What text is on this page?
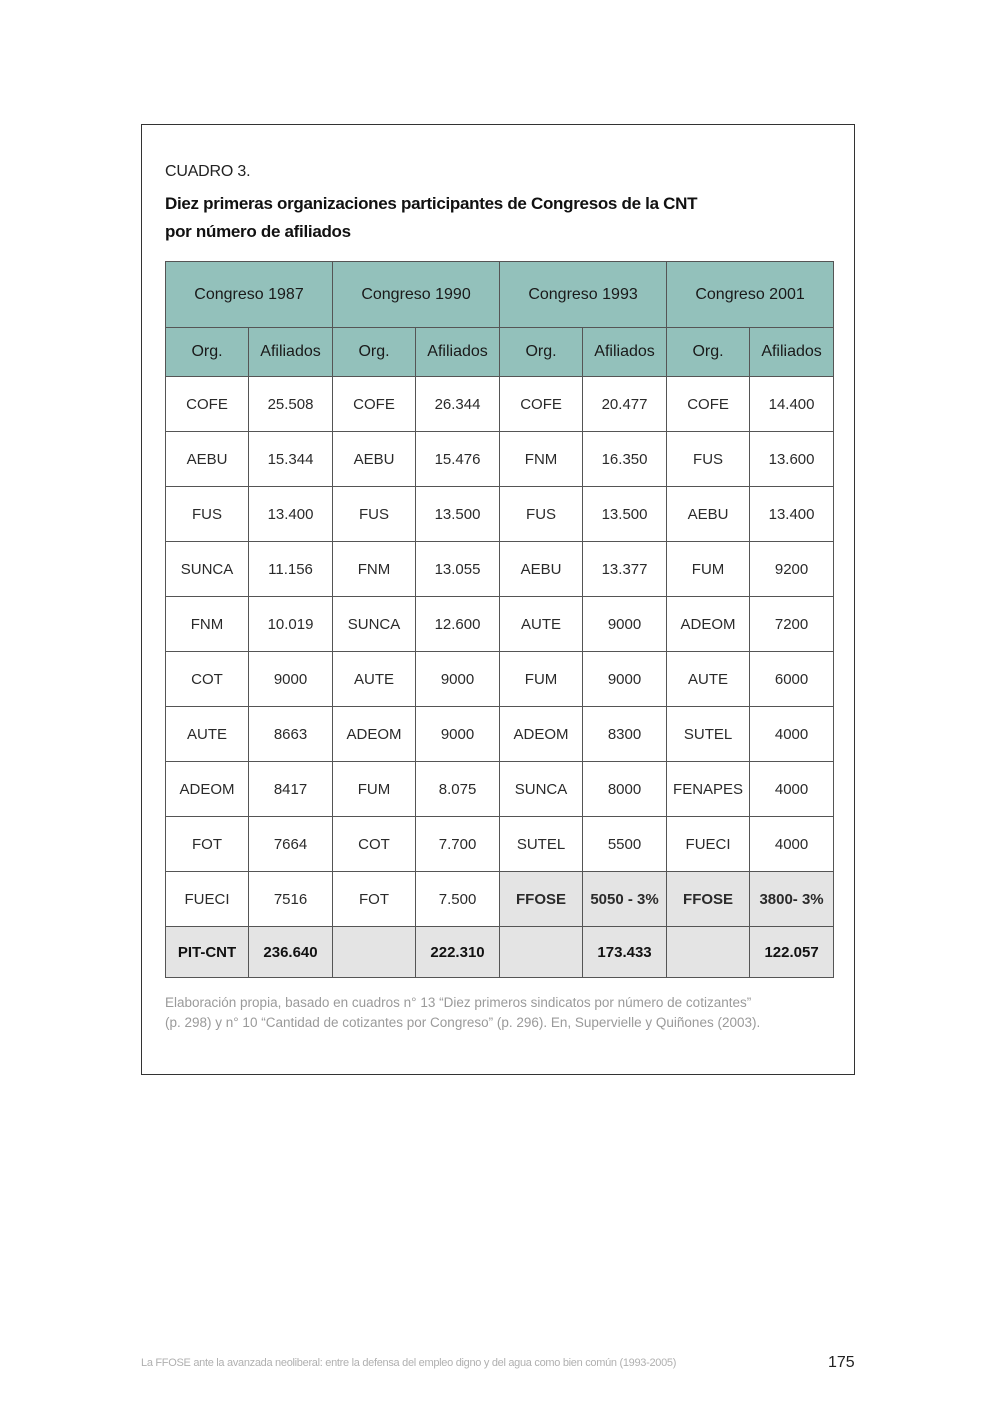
CUADRO 3.
Diez primeras organizaciones participantes de Congresos de la CNT
por número de afiliados
Congreso 1987		Congreso 1990		Congreso 1993		Congreso 2001	
Org.	Afiliados	Org.	Afiliados	Org.	Afiliados	Org.	Afiliados
COFE	25.508	COFE	26.344	COFE	20.477	COFE	14.400
AEBU	15.344	AEBU	15.476	FNM	16.350	FUS	13.600
FUS	13.400	FUS	13.500	FUS	13.500	AEBU	13.400
SUNCA	11.156	FNM	13.055	AEBU	13.377	FUM	9200
FNM	10.019	SUNCA	12.600	AUTE	9000	ADEOM	7200
COT	9000	AUTE	9000	FUM	9000	AUTE	6000
AUTE	8663	ADEOM	9000	ADEOM	8300	SUTEL	4000
ADEOM	8417	FUM	8.075	SUNCA	8000	FENAPES	4000
FOT	7664	COT	7.700	SUTEL	5500	FUECI	4000
FUECI	7516	FOT	7.500	FFOSE	5050 - 3%	FFOSE	3800- 3%
PIT-CNT	236.640		222.310		173.433		122.057
Elaboración propia, basado en cuadros n° 13 “Diez primeros sindicatos por número de cotizantes”
(p. 298) y n° 10 “Cantidad de cotizantes por Congreso” (p. 296). En, Supervielle y Quiñones (2003).
La FFOSE ante la avanzada neoliberal: entre la defensa del empleo digno y del agua como bien común (1993-2005)	175
